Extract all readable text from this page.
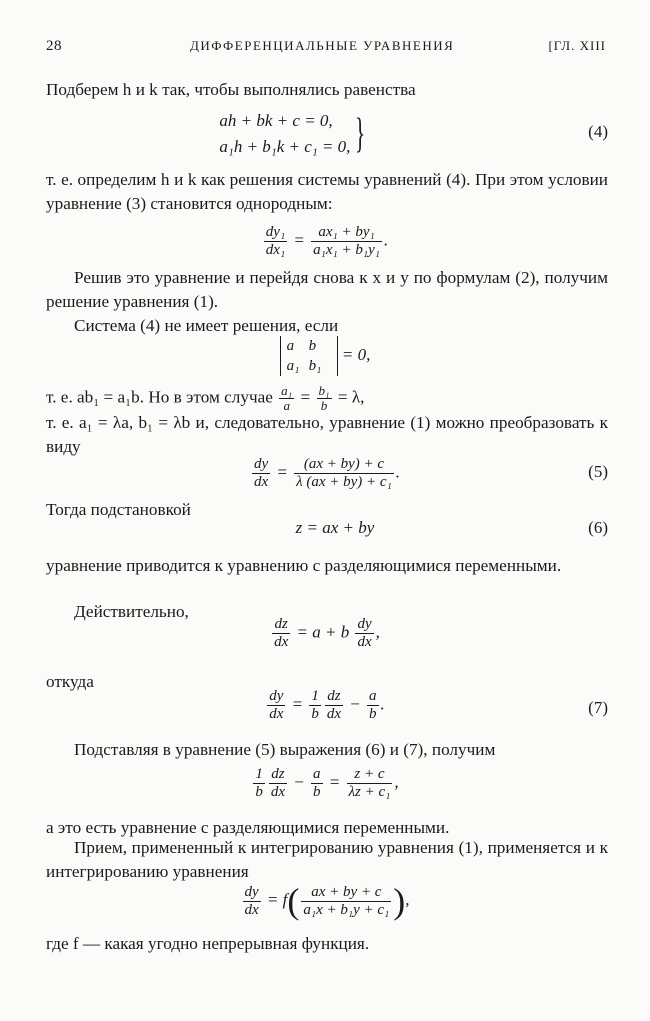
28	ДИФФЕРЕНЦИАЛЬНЫЕ УРАВНЕНИЯ	[ГЛ. XIII
Подберем h и k так, чтобы выполнялись равенства
ah + bk + c = 0,
a₁h + b₁k + c₁ = 0, }	(4)
т. е. определим h и k как решения системы уравнений (4). При этом условии уравнение (3) становится однородным:
$\frac{\text{dy₁}}{\text{dx₁}} = \frac{\text{ax₁ + by₁}}{\text{a₁x₁ + b₁y₁}}$ .
Решив это уравнение и перейдя снова к x и y по формулам (2), получим решение уравнения (1).
Система (4) не имеет решения, если
a b
a₁ b₁ = 0,
т. е. ab₁ = a₁b. Но в этом случае $\frac{\text{a₁}}{a} = \frac{\text{b₁}}{b} = \lambda$,
т. е. a₁ = λa, b₁ = λb и, следовательно, уравнение (1) можно преобразовать к виду
$\frac{dy}{dx} = \frac{(ax + by) + c}{\text{λ (ax + by) + c₁}}$ .	(5)
Тогда подстановкой
z = ax + by	(6)
уравнение приводится к уравнению с разделяющимися переменными.
Действительно,
$\frac{dz}{dx} = a + b \frac{dy}{dx}$ ,
откуда
$\frac{dy}{dx} = \frac{1}{b} \frac{dz}{dx} - \frac{a}{b}$ .	(7)
Подставляя в уравнение (5) выражения (6) и (7), получим
$\frac{1}{b} \frac{dz}{dx} - \frac{a}{b} = \frac{z + c}{\text{λz + c₁}}$ ,
а это есть уравнение с разделяющимися переменными.
Прием, примененный к интегрированию уравнения (1), применяется и к интегрированию уравнения
$\frac{dy}{dx} = f( \frac{ax + by + c}{\text{a₁x + b₁y + c₁}}$ ),
где f — какая угодно непрерывная функция.
